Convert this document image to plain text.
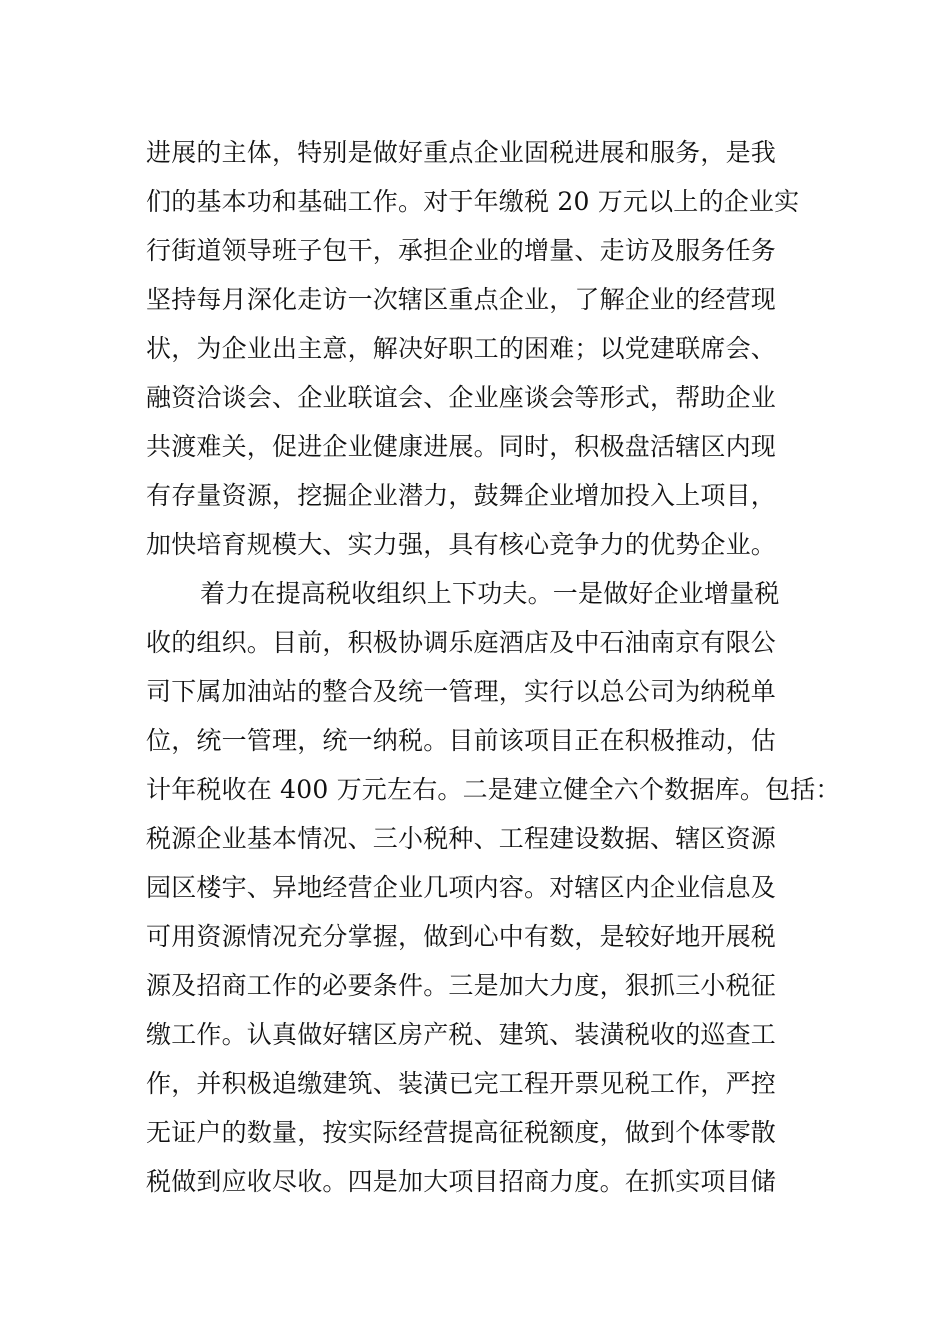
进展的主体，特别是做好重点企业固税进展和服务，是我
们的基本功和基础工作。对于年缴税 20 万元以上的企业实
行街道领导班子包干，承担企业的增量、走访及服务任务
坚持每月深化走访一次辖区重点企业，了解企业的经营现
状，为企业出主意，解决好职工的困难；以党建联席会、
融资洽谈会、企业联谊会、企业座谈会等形式，帮助企业
共渡难关，促进企业健康进展。同时，积极盘活辖区内现
有存量资源，挖掘企业潜力，鼓舞企业增加投入上项目，
加快培育规模大、实力强，具有核心竞争力的优势企业。
着力在提高税收组织上下功夫。一是做好企业增量税
收的组织。目前，积极协调乐庭酒店及中石油南京有限公
司下属加油站的整合及统一管理，实行以总公司为纳税单
位，统一管理，统一纳税。目前该项目正在积极推动，估
计年税收在 400 万元左右。二是建立健全六个数据库。包括：
税源企业基本情况、三小税种、工程建设数据、辖区资源
园区楼宇、异地经营企业几项内容。对辖区内企业信息及
可用资源情况充分掌握，做到心中有数，是较好地开展税
源及招商工作的必要条件。三是加大力度，狠抓三小税征
缴工作。认真做好辖区房产税、建筑、装潢税收的巡查工
作，并积极追缴建筑、装潢已完工程开票见税工作，严控
无证户的数量，按实际经营提高征税额度，做到个体零散
税做到应收尽收。四是加大项目招商力度。在抓实项目储
